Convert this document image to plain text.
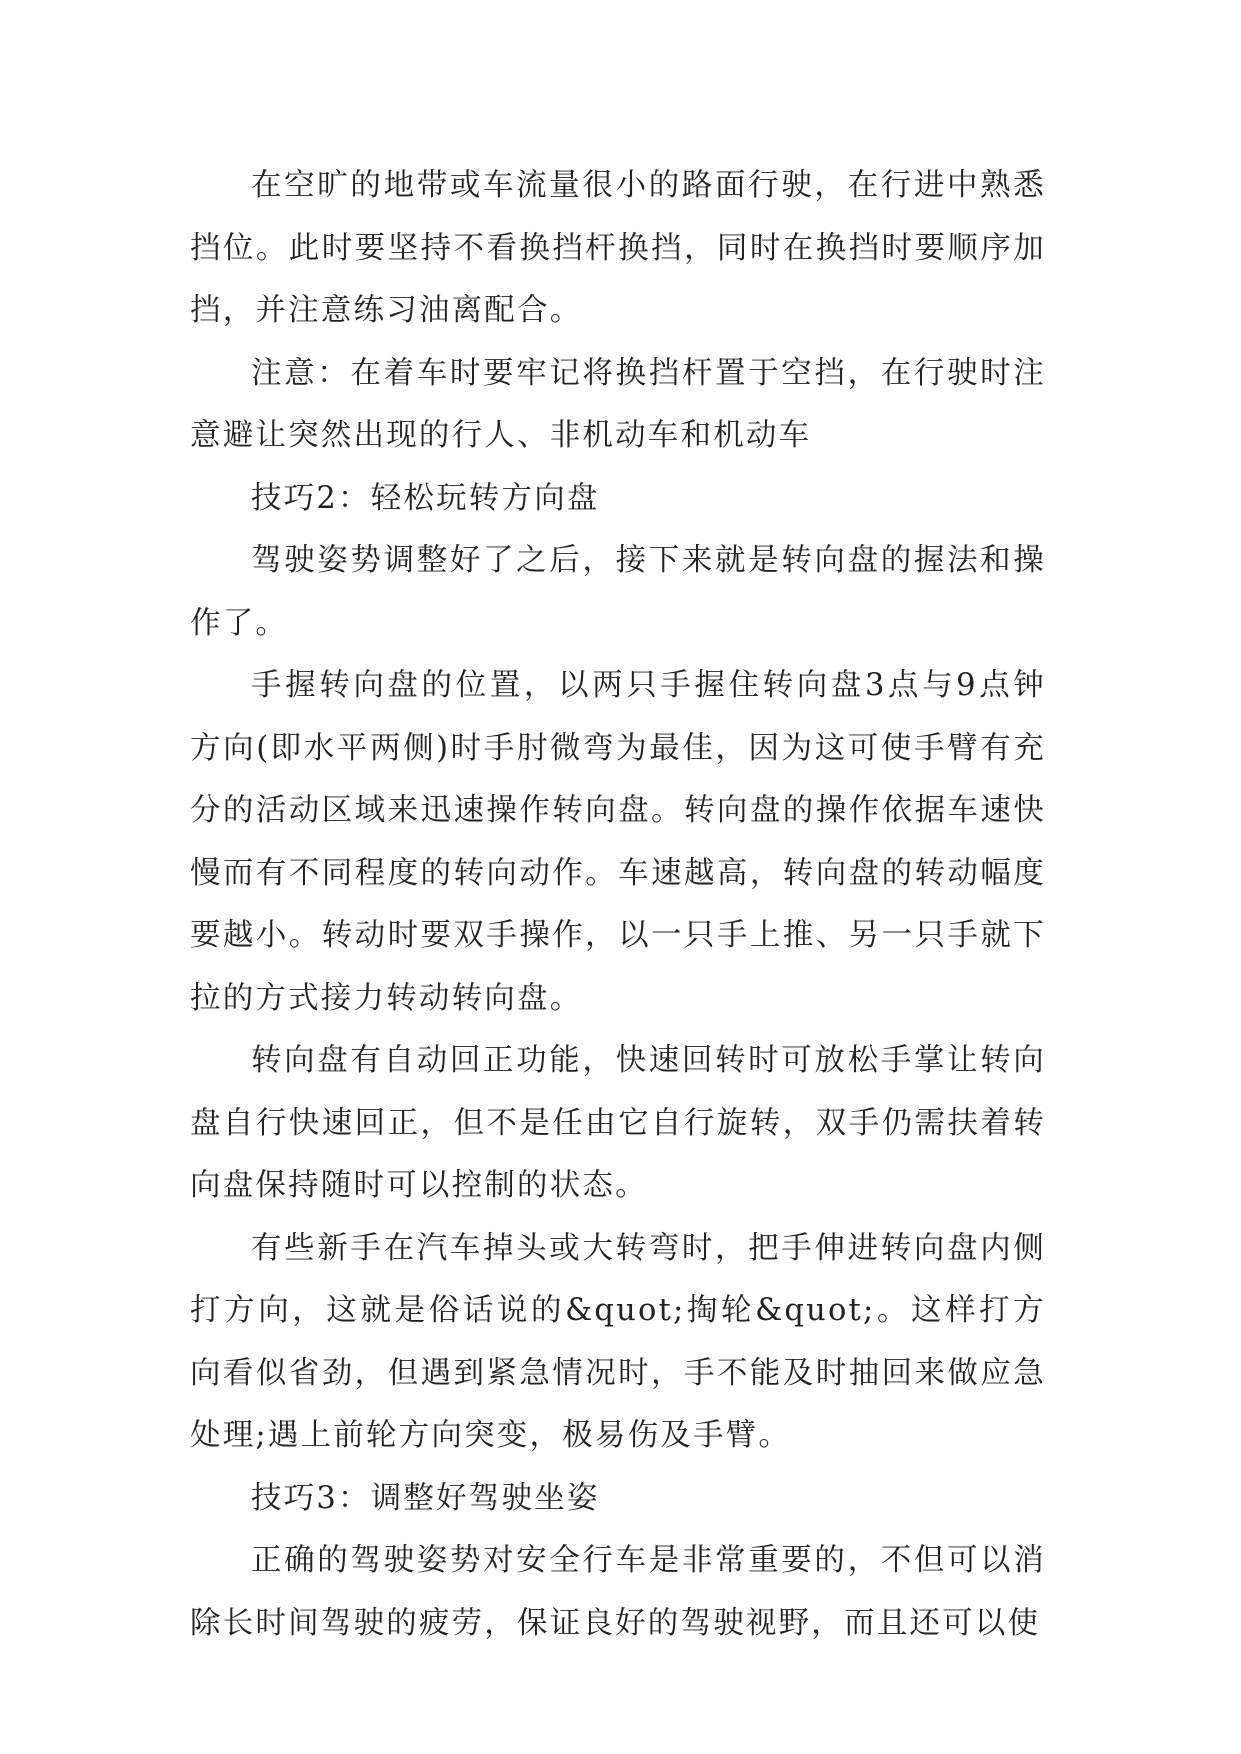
在空旷的地带或车流量很小的路面行驶，在行进中熟悉挡位。此时要坚持不看换挡杆换挡，同时在换挡时要顺序加挡，并注意练习油离配合。

注意：在着车时要牢记将换挡杆置于空挡，在行驶时注意避让突然出现的行人、非机动车和机动车

技巧2：轻松玩转方向盘

驾驶姿势调整好了之后，接下来就是转向盘的握法和操作了。

手握转向盘的位置，以两只手握住转向盘3点与9点钟方向(即水平两侧)时手肘微弯为最佳，因为这可使手臂有充分的活动区域来迅速操作转向盘。转向盘的操作依据车速快慢而有不同程度的转向动作。车速越高，转向盘的转动幅度要越小。转动时要双手操作，以一只手上推、另一只手就下拉的方式接力转动转向盘。

转向盘有自动回正功能，快速回转时可放松手掌让转向盘自行快速回正，但不是任由它自行旋转，双手仍需扶着转向盘保持随时可以控制的状态。

有些新手在汽车掉头或大转弯时，把手伸进转向盘内侧打方向，这就是俗话说的&quot;掏轮&quot;。这样打方向看似省劲，但遇到紧急情况时，手不能及时抽回来做应急处理;遇上前轮方向突变，极易伤及手臂。

技巧3：调整好驾驶坐姿

正确的驾驶姿势对安全行车是非常重要的，不但可以消除长时间驾驶的疲劳，保证良好的驾驶视野，而且还可以使
